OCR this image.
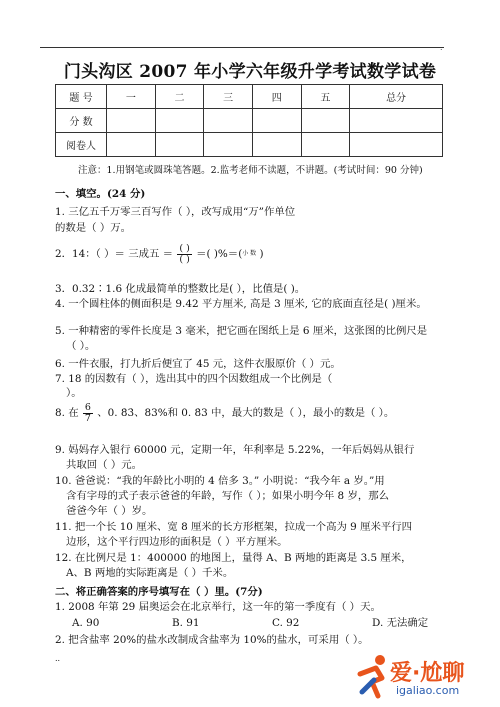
.
门头沟区 2007 年小学六年级升学考试数学试卷
题 号	一	二	三	四	五	总分
分 数						
阅卷人						
注意：1.用钢笔或圆珠笔答题。2.监考老师不读题，不讲题。(考试时间：90 分钟)
一、填空。(24 分)
1. 三亿五千万零三百写作（ ），改写成用“万”作单位
的数是（ ）万。
2．14：（ ）＝ 三成五 ＝ $\frac{( )}{( )}$ ＝( )%＝($^{小 数}$ )
3．0.32∶1.6 化成最简单的整数比是( ），比值是( )。
4. 一个圆柱体的侧面积是 9.42 平方厘米, 高是 3 厘米, 它的底面直径是( )厘米。
5. 一种精密的零件长度是 3 毫米，把它画在图纸上是 6 厘米，这张图的比例尺是
（ ）。
6. 一件衣服，打九折后便宜了 45 元，这件衣服原价（ ）元。
7. 18 的因数有（ ），选出其中的四个因数组成一个比例是（
）。
8. 在 $\frac{6}{7}$ 、0. 8̇3̇、83%和 0. 8̇3 中，最大的数是（ ），最小的数是（ ）。
9. 妈妈存入银行 60000 元，定期一年，年利率是 5.22%，一年后妈妈从银行
共取回（ ）元。
10. 爸爸说：“我的年龄比小明的 4 倍多 3。” 小明说：“我今年 a 岁。”用
含有字母的式子表示爸爸的年龄，写作（ ）；如果小明今年 8 岁，那么
爸爸今年（ ）岁。
11. 把一个长 10 厘米、宽 8 厘米的长方形框架，拉成一个高为 9 厘米平行四
边形，这个平行四边形的面积是（ ）平方厘米。
12. 在比例尺是 1：400000 的地图上，量得 A、B 两地的距离是 3.5 厘米，
A、B 两地的实际距离是（ ）千米。
二、将正确答案的序号填写在（ ）里。(7分)
1. 2008 年第 29 届奥运会在北京举行，这一年的第一季度有（ ）天。
A. 90	B. 91	C. 92	D. 无法确定
2. 把含盐率 20%的盐水改制成含盐率为 10%的盐水，可采用（ ）。
..
爱·尬聊
igaliao.com
